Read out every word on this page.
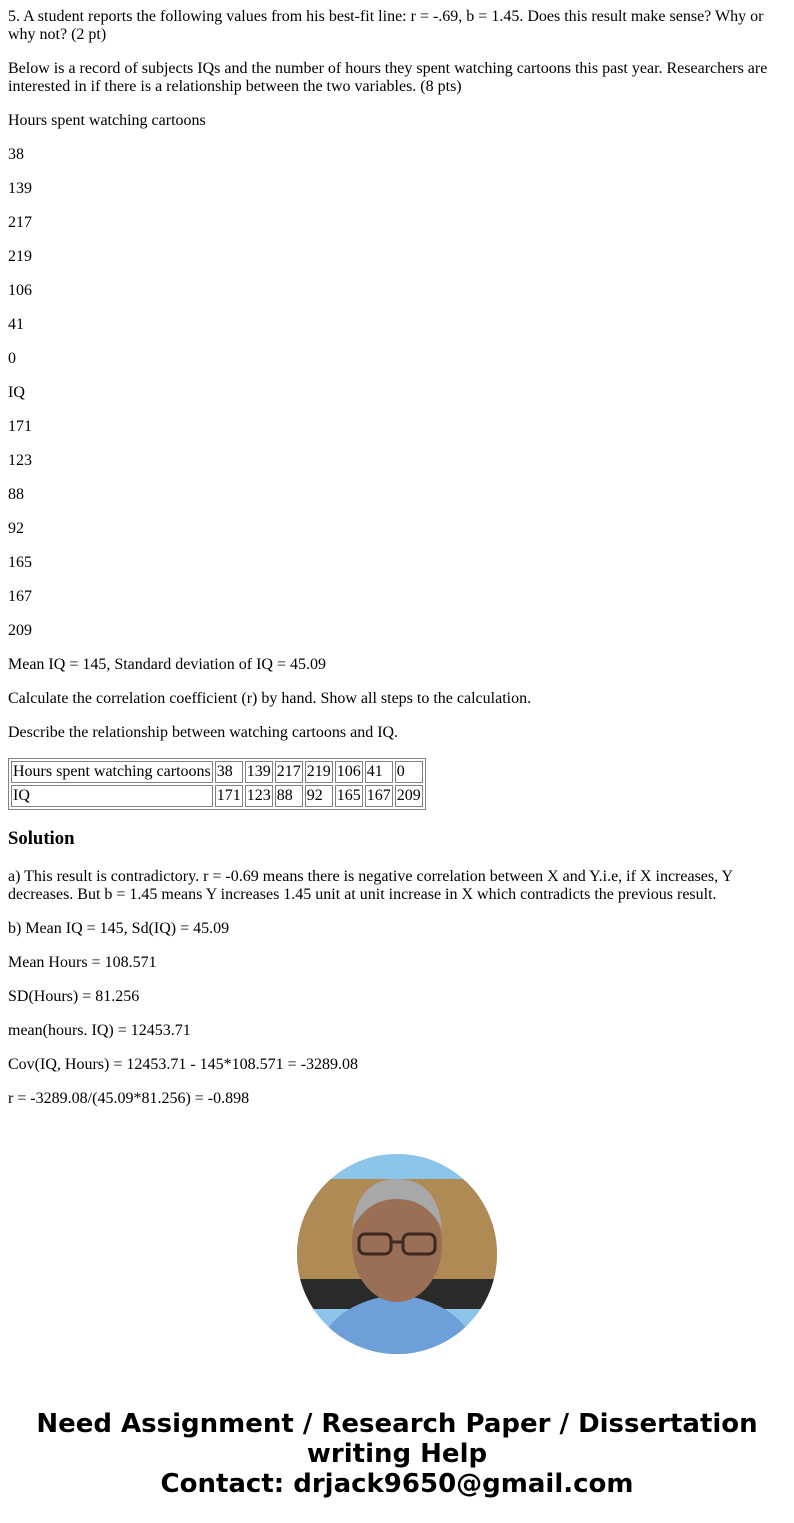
5. A student reports the following values from his best-fit line: r = -.69, b = 1.45. Does this result make sense? Why or why not? (2 pt)

Below is a record of subjects IQs and the number of hours they spent watching cartoons this past year. Researchers are interested in if there is a relationship between the two variables. (8 pts)

Hours spent watching cartoons

38

139

217

219

106

41

0

IQ

171

123

88

92

165

167

209

Mean IQ = 145, Standard deviation of IQ = 45.09

Calculate the correlation coefficient (r) by hand. Show all steps to the calculation.

Describe the relationship between watching cartoons and IQ.

Hours spent watching cartoons	38	139	217	219	106	41	0
IQ	171	123	88	92	165	167	209
Solution

a) This result is contradictory. r = -0.69 means there is negative correlation between X and Y.i.e, if X increases, Y decreases. But b = 1.45 means Y increases 1.45 unit at unit increase in X which contradicts the previous result.

b) Mean IQ = 145, Sd(IQ) = 45.09

Mean Hours = 108.571

SD(Hours) = 81.256

mean(hours. IQ) = 12453.71

Cov(IQ, Hours) = 12453.71 - 145*108.571 = -3289.08

r = -3289.08/(45.09*81.256) = -0.898

Need Assignment / Research Paper / Dissertation writing Help
Contact: drjack9650@gmail.com
